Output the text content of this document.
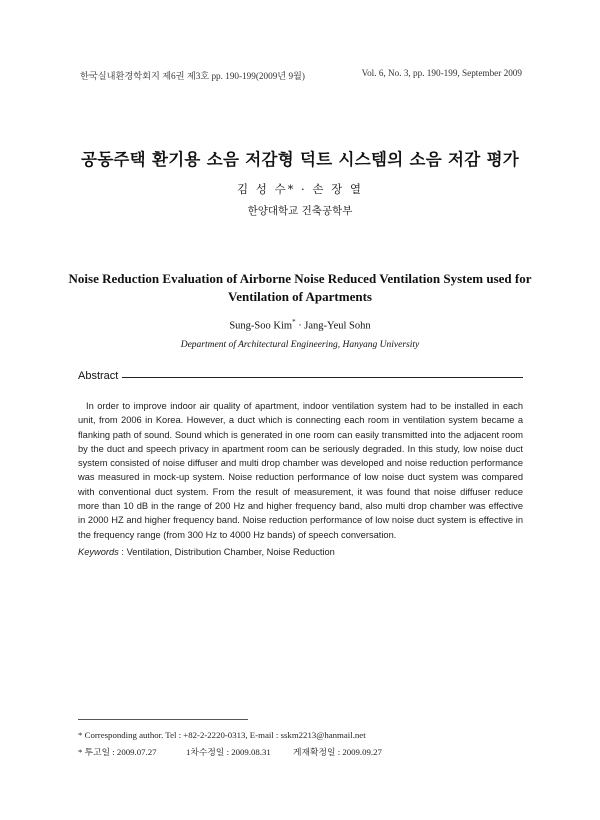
한국실내환경학회지 제6권 제3호 pp. 190-199(2009년 9월)	Vol. 6, No. 3, pp. 190-199, September 2009
공동주택 환기용 소음 저감형 덕트 시스템의 소음 저감 평가
김 성 수* · 손 장 열
한양대학교 건축공학부
Noise Reduction Evaluation of Airborne Noise Reduced Ventilation System used for Ventilation of Apartments
Sung-Soo Kim* · Jang-Yeul Sohn
Department of Architectural Engineering, Hanyang University
Abstract

In order to improve indoor air quality of apartment, indoor ventilation system had to be installed in each unit, from 2006 in Korea. However, a duct which is connecting each room in ventilation system became a flanking path of sound. Sound which is generated in one room can easily transmitted into the adjacent room by the duct and speech privacy in apartment room can be seriously degraded. In this study, low noise duct system consisted of noise diffuser and multi drop chamber was developed and noise reduction performance was measured in mock-up system. Noise reduction performance of low noise duct system was compared with conventional duct system. From the result of measurement, it was found that noise diffuser reduce more than 10 dB in the range of 200 Hz and higher frequency band, also multi drop chamber was effective in 2000 HZ and higher frequency band. Noise reduction performance of low noise duct system is effective in the frequency range (from 300 Hz to 4000 Hz bands) of speech conversation.

Keywords : Ventilation, Distribution Chamber, Noise Reduction
* Corresponding author. Tel : +82-2-2220-0313, E-mail : sskm2213@hanmail.net
* 투고일 : 2009.07.27	1차수정일 : 2009.08.31	게재확정일 : 2009.09.27
